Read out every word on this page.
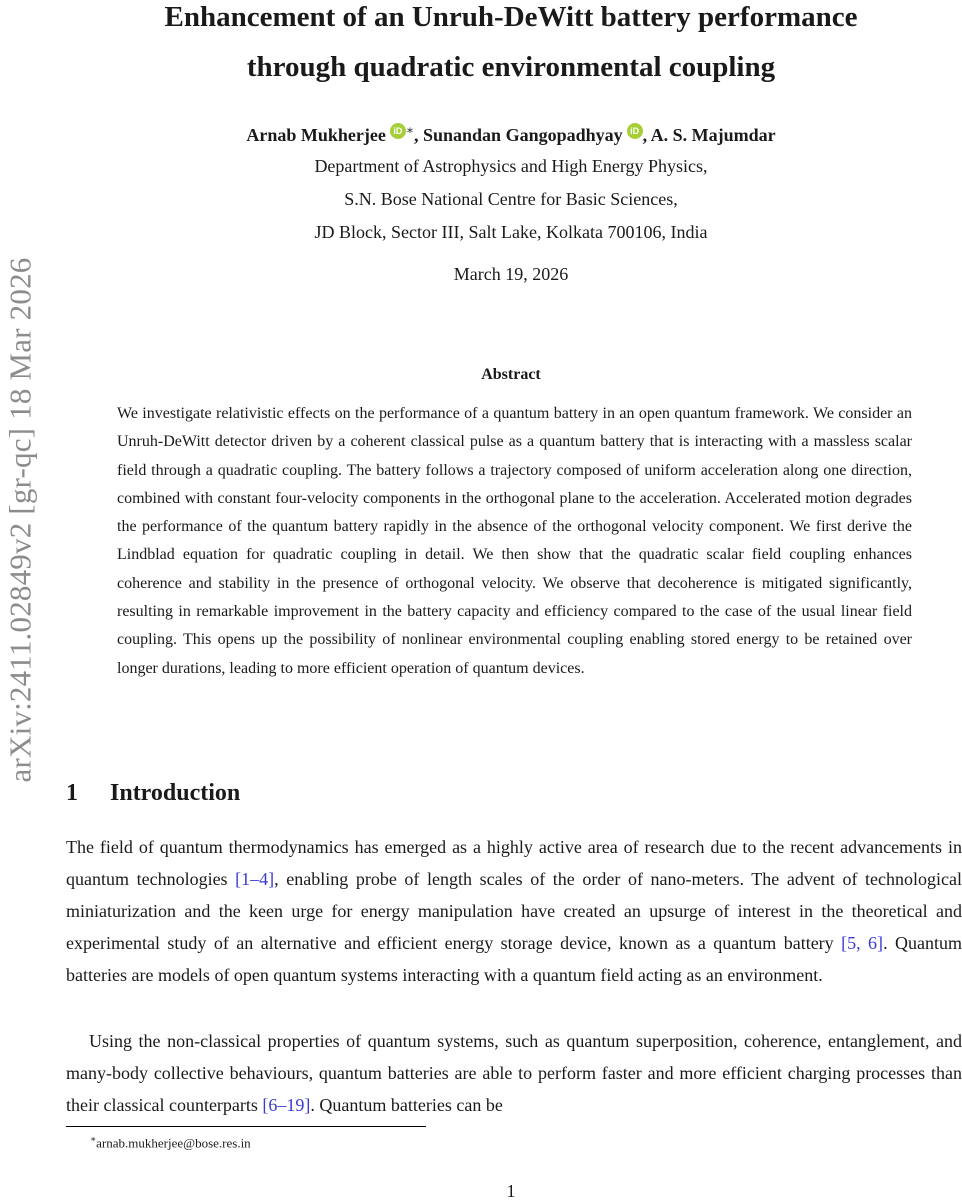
arXiv:2411.02849v2 [gr-qc] 18 Mar 2026
Enhancement of an Unruh-DeWitt battery performance
through quadratic environmental coupling
Arnab Mukherjee iD ∗, Sunandan Gangopadhyay iD , A. S. Majumdar
Department of Astrophysics and High Energy Physics,
S.N. Bose National Centre for Basic Sciences,
JD Block, Sector III, Salt Lake, Kolkata 700106, India
March 19, 2026
Abstract
We investigate relativistic effects on the performance of a quantum battery in an open quantum framework. We consider an Unruh-DeWitt detector driven by a coherent classical pulse as a quantum battery that is interacting with a massless scalar field through a quadratic coupling. The battery follows a trajectory composed of uniform acceleration along one direction, combined with constant four-velocity components in the orthogonal plane to the acceleration. Accelerated motion degrades the performance of the quantum battery rapidly in the absence of the orthogonal velocity component. We first derive the Lindblad equation for quadratic coupling in detail. We then show that the quadratic scalar field coupling enhances coherence and stability in the presence of orthogonal velocity. We observe that decoherence is mitigated significantly, resulting in remarkable improvement in the battery capacity and efficiency compared to the case of the usual linear field coupling. This opens up the possibility of nonlinear environmental coupling enabling stored energy to be retained over longer durations, leading to more efficient operation of quantum devices.
1 Introduction
The field of quantum thermodynamics has emerged as a highly active area of research due to the recent advancements in quantum technologies [1–4], enabling probe of length scales of the order of nano-meters. The advent of technological miniaturization and the keen urge for energy manipulation have created an upsurge of interest in the theoretical and experimental study of an alternative and efficient energy storage device, known as a quantum battery [5, 6]. Quantum batteries are models of open quantum systems interacting with a quantum field acting as an environment.
Using the non-classical properties of quantum systems, such as quantum superposition, coherence, entanglement, and many-body collective behaviours, quantum batteries are able to perform faster and more efficient charging processes than their classical counterparts [6–19]. Quantum batteries can be
∗arnab.mukherjee@bose.res.in
1
